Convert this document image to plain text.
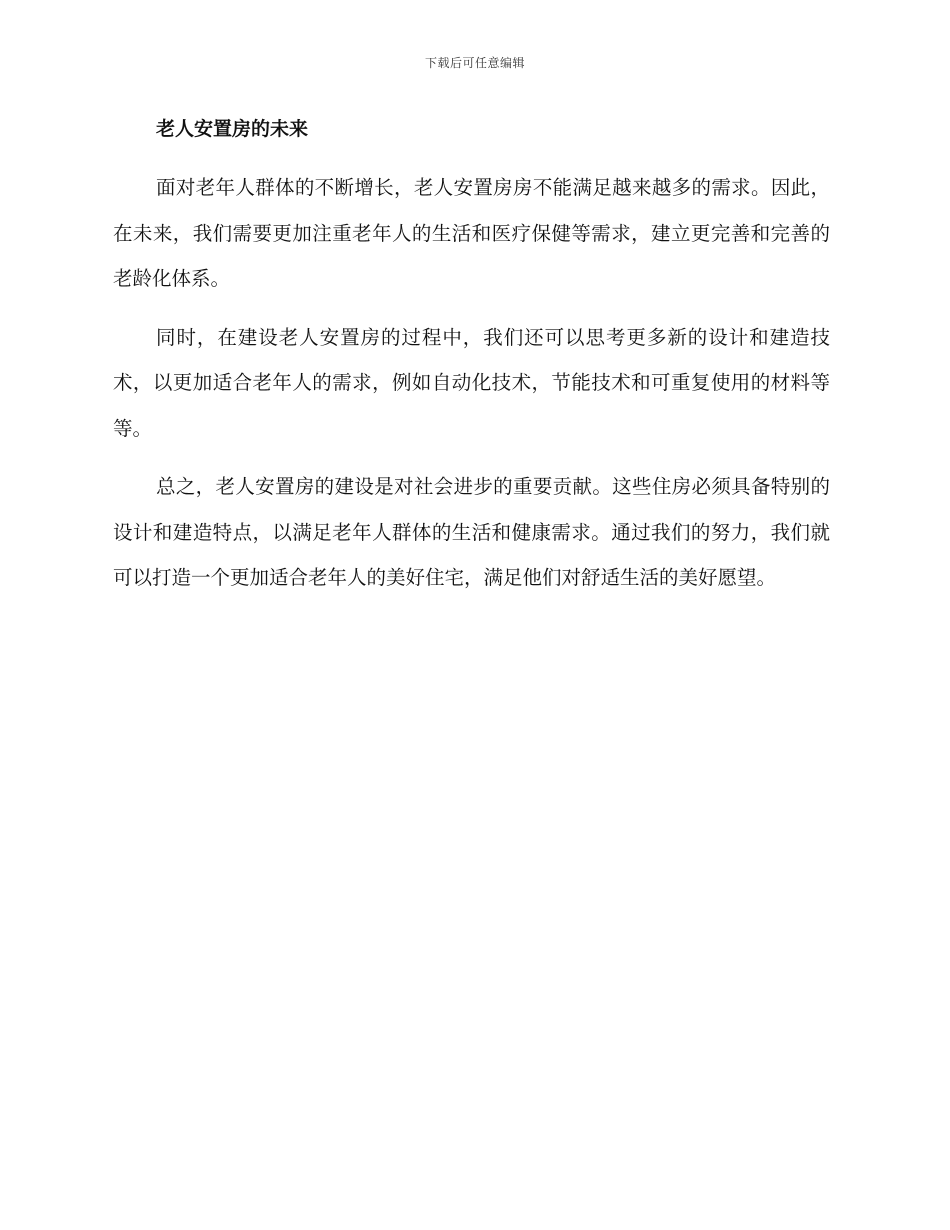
下载后可任意编辑
老人安置房的未来

面对老年人群体的不断增长，老人安置房房不能满足越来越多的需求。因此，在未来，我们需要更加注重老年人的生活和医疗保健等需求，建立更完善和完善的老龄化体系。

同时，在建设老人安置房的过程中，我们还可以思考更多新的设计和建造技术，以更加适合老年人的需求，例如自动化技术，节能技术和可重复使用的材料等等。

总之，老人安置房的建设是对社会进步的重要贡献。这些住房必须具备特别的设计和建造特点，以满足老年人群体的生活和健康需求。通过我们的努力，我们就可以打造一个更加适合老年人的美好住宅，满足他们对舒适生活的美好愿望。
